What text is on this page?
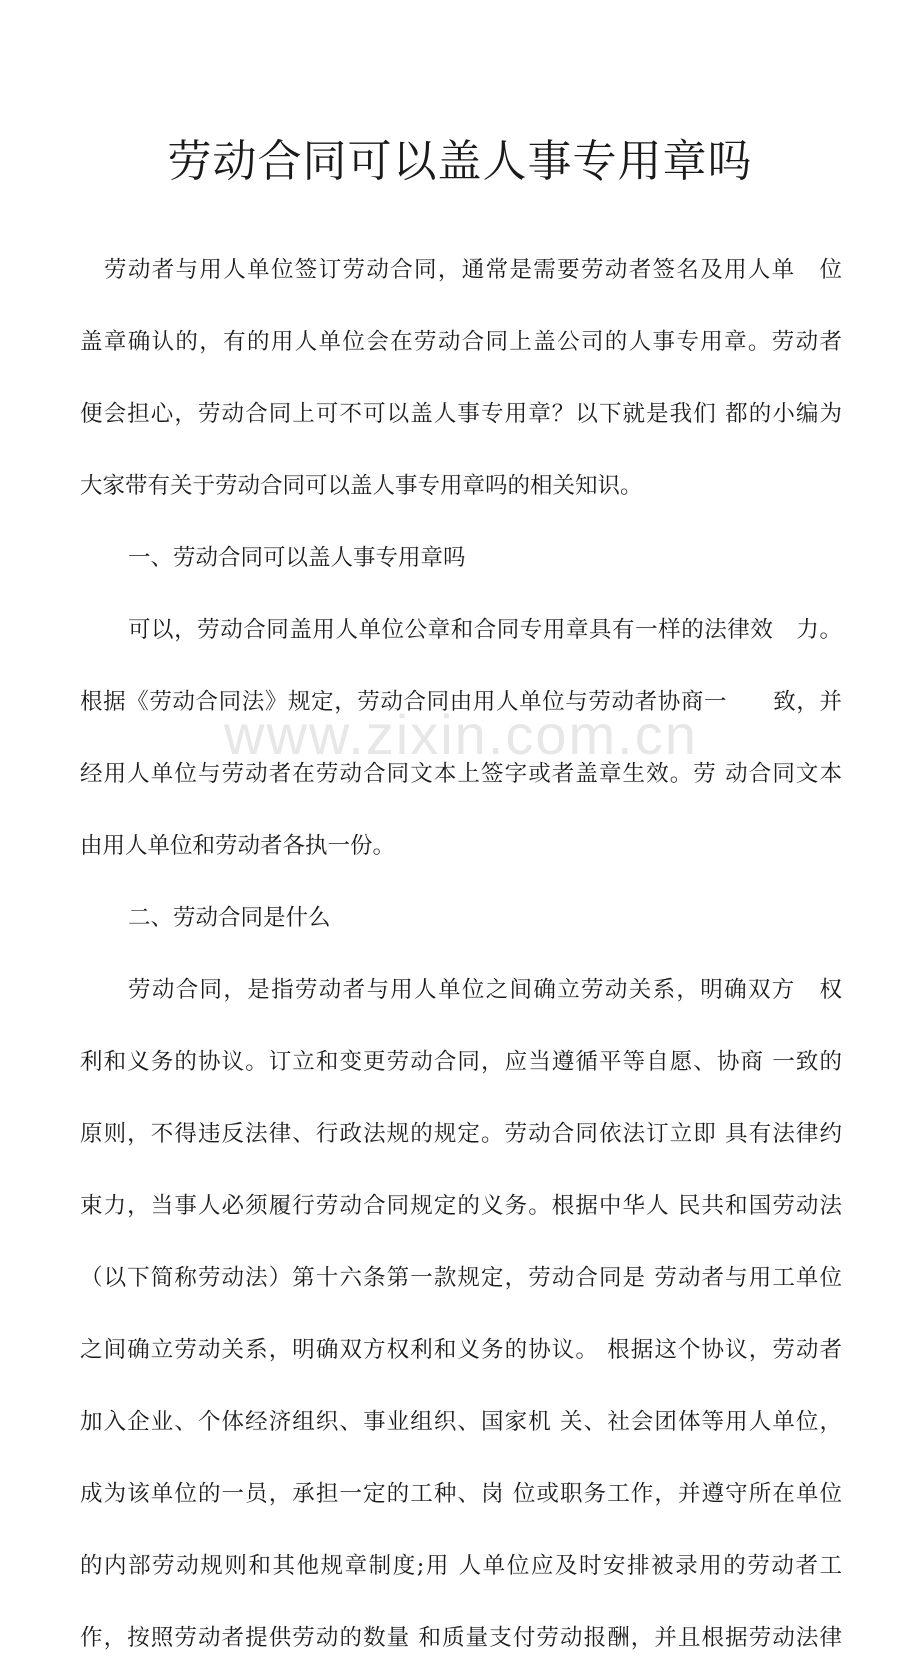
劳动合同可以盖人事专用章吗
劳动者与用人单位签订劳动合同，通常是需要劳动者签名及用人单　位
盖章确认的，有的用人单位会在劳动合同上盖公司的人事专用章。劳动者
便会担心，劳动合同上可不可以盖人事专用章？以下就是我们 都的小编为
大家带有关于劳动合同可以盖人事专用章吗的相关知识。
一、劳动合同可以盖人事专用章吗
可以，劳动合同盖用人单位公章和合同专用章具有一样的法律效　力。
根据《劳动合同法》规定，劳动合同由用人单位与劳动者协商一　　致，并
经用人单位与劳动者在劳动合同文本上签字或者盖章生效。劳 动合同文本
由用人单位和劳动者各执一份。
二、劳动合同是什么
劳动合同，是指劳动者与用人单位之间确立劳动关系，明确双方　权
利和义务的协议。订立和变更劳动合同，应当遵循平等自愿、协商 一致的
原则，不得违反法律、行政法规的规定。劳动合同依法订立即 具有法律约
束力，当事人必须履行劳动合同规定的义务。根据中华人 民共和国劳动法
（以下简称劳动法）第十六条第一款规定，劳动合同是 劳动者与用工单位
之间确立劳动关系，明确双方权利和义务的协议。 根据这个协议，劳动者
加入企业、个体经济组织、事业组织、国家机 关、社会团体等用人单位，
成为该单位的一员，承担一定的工种、岗 位或职务工作，并遵守所在单位
的内部劳动规则和其他规章制度;用 人单位应及时安排被录用的劳动者工
作，按照劳动者提供劳动的数量 和质量支付劳动报酬，并且根据劳动法律
www.zixin.com.cn
